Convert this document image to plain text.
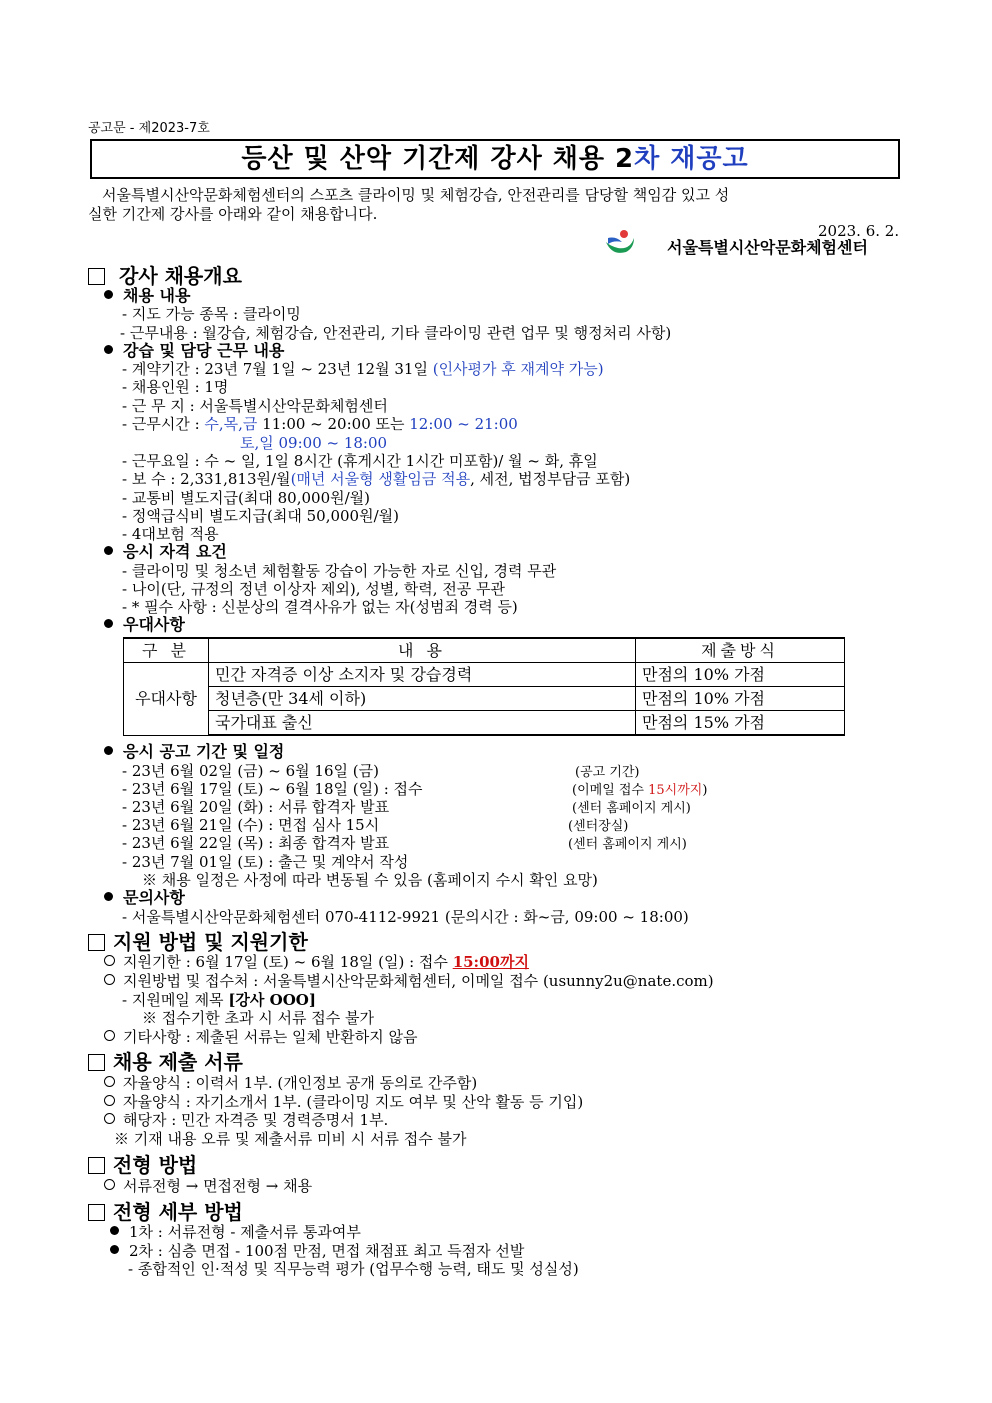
공고문 - 제2023-7호
등산 및 산악 기간제 강사 채용 2차 재공고
서울특별시산악문화체험센터의 스포츠 클라이밍 및 체험강습, 안전관리를 담당할 책임감 있고 성
실한 기간제 강사를 아래와 같이 채용합니다.
2023. 6. 2.
서울특별시산악문화체험센터
강사 채용개요
채용 내용
- 지도 가능 종목 : 클라이밍
- 근무내용 : 월강습, 체험강습, 안전관리, 기타 클라이밍 관련 업무 및 행정처리 사항)
강습 및 담당 근무 내용
- 계약기간 : 23년 7월 1일 ~ 23년 12월 31일 (인사평가 후 재계약 가능)
- 채용인원 : 1명
- 근 무 지 : 서울특별시산악문화체험센터
- 근무시간 : 수,목,금 11:00 ~ 20:00 또는 12:00 ~ 21:00
토,일 09:00 ~ 18:00
- 근무요일 : 수 ~ 일, 1일 8시간 (휴게시간 1시간 미포함)/ 월 ~ 화, 휴일
- 보 수 : 2,331,813원/월(매년 서울형 생활임금 적용, 세전, 법정부담금 포함)
- 교통비 별도지급(최대 80,000원/월)
- 정액급식비 별도지급(최대 50,000원/월)
- 4대보험 적용
응시 자격 요건
- 클라이밍 및 청소년 체험활동 강습이 가능한 자로 신입, 경력 무관
- 나이(단, 규정의 정년 이상자 제외), 성별, 학력, 전공 무관
- * 필수 사항 : 신분상의 결격사유가 없는 자(성범죄 경력 등)
우대사항
구 분	내 용	제출방식
우대사항	민간 자격증 이상 소지자 및 강습경력	만점의 10% 가점
	청년층(만 34세 이하)	만점의 10% 가점
	국가대표 출신	만점의 15% 가점
응시 공고 기간 및 일정
- 23년 6월 02일 (금) ~ 6월 16일 (금)	(공고 기간)
- 23년 6월 17일 (토) ~ 6월 18일 (일) : 접수	(이메일 접수 15시까지)
- 23년 6월 20일 (화) : 서류 합격자 발표	(센터 홈페이지 게시)
- 23년 6월 21일 (수) : 면접 심사 15시	(센터장실)
- 23년 6월 22일 (목) : 최종 합격자 발표	(센터 홈페이지 게시)
- 23년 7월 01일 (토) : 출근 및 계약서 작성
※ 채용 일정은 사정에 따라 변동될 수 있음 (홈페이지 수시 확인 요망)
문의사항
- 서울특별시산악문화체험센터 070-4112-9921 (문의시간 : 화~금, 09:00 ~ 18:00)
지원 방법 및 지원기한
지원기한 : 6월 17일 (토) ~ 6월 18일 (일) : 접수 15:00까지
지원방법 및 접수처 : 서울특별시산악문화체험센터, 이메일 접수 (usunny2u@nate.com)
- 지원메일 제목 [강사 OOO]
※ 접수기한 초과 시 서류 접수 불가
기타사항 : 제출된 서류는 일체 반환하지 않음
채용 제출 서류
자율양식 : 이력서 1부. (개인정보 공개 동의로 간주함)
자율양식 : 자기소개서 1부. (클라이밍 지도 여부 및 산악 활동 등 기입)
해당자 : 민간 자격증 및 경력증명서 1부.
※ 기재 내용 오류 및 제출서류 미비 시 서류 접수 불가
전형 방법
서류전형 → 면접전형 → 채용
전형 세부 방법
1차 : 서류전형 - 제출서류 통과여부
2차 : 심층 면접 - 100점 만점, 면접 채점표 최고 득점자 선발
- 종합적인 인·적성 및 직무능력 평가 (업무수행 능력, 태도 및 성실성)
